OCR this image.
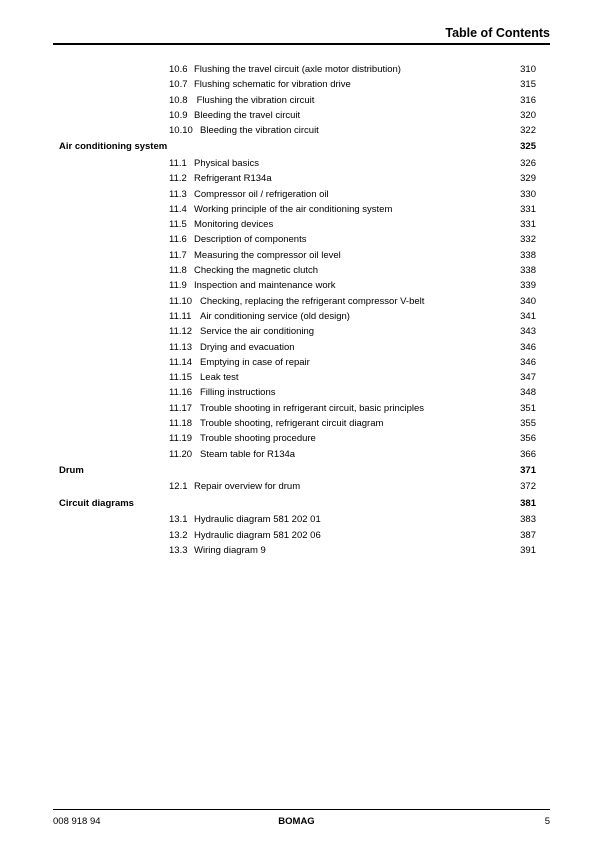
Table of Contents
10.6 Flushing the travel circuit (axle motor distribution)	310
10.7 Flushing schematic for vibration drive	315
10.8 Flushing the vibration circuit	316
10.9 Bleeding the travel circuit	320
10.10 Bleeding the vibration circuit	322
Air conditioning system	325
11.1 Physical basics	326
11.2 Refrigerant R134a	329
11.3 Compressor oil / refrigeration oil	330
11.4 Working principle of the air conditioning system	331
11.5 Monitoring devices	331
11.6 Description of components	332
11.7 Measuring the compressor oil level	338
11.8 Checking the magnetic clutch	338
11.9 Inspection and maintenance work	339
11.10 Checking, replacing the refrigerant compressor V-belt	340
11.11 Air conditioning service (old design)	341
11.12 Service the air conditioning	343
11.13 Drying and evacuation	346
11.14 Emptying in case of repair	346
11.15 Leak test	347
11.16 Filling instructions	348
11.17 Trouble shooting in refrigerant circuit, basic principles	351
11.18 Trouble shooting, refrigerant circuit diagram	355
11.19 Trouble shooting procedure	356
11.20 Steam table for R134a	366
Drum	371
12.1 Repair overview for drum	372
Circuit diagrams	381
13.1 Hydraulic diagram 581 202 01	383
13.2 Hydraulic diagram 581 202 06	387
13.3 Wiring diagram 9	391
008 918 94	BOMAG	5
